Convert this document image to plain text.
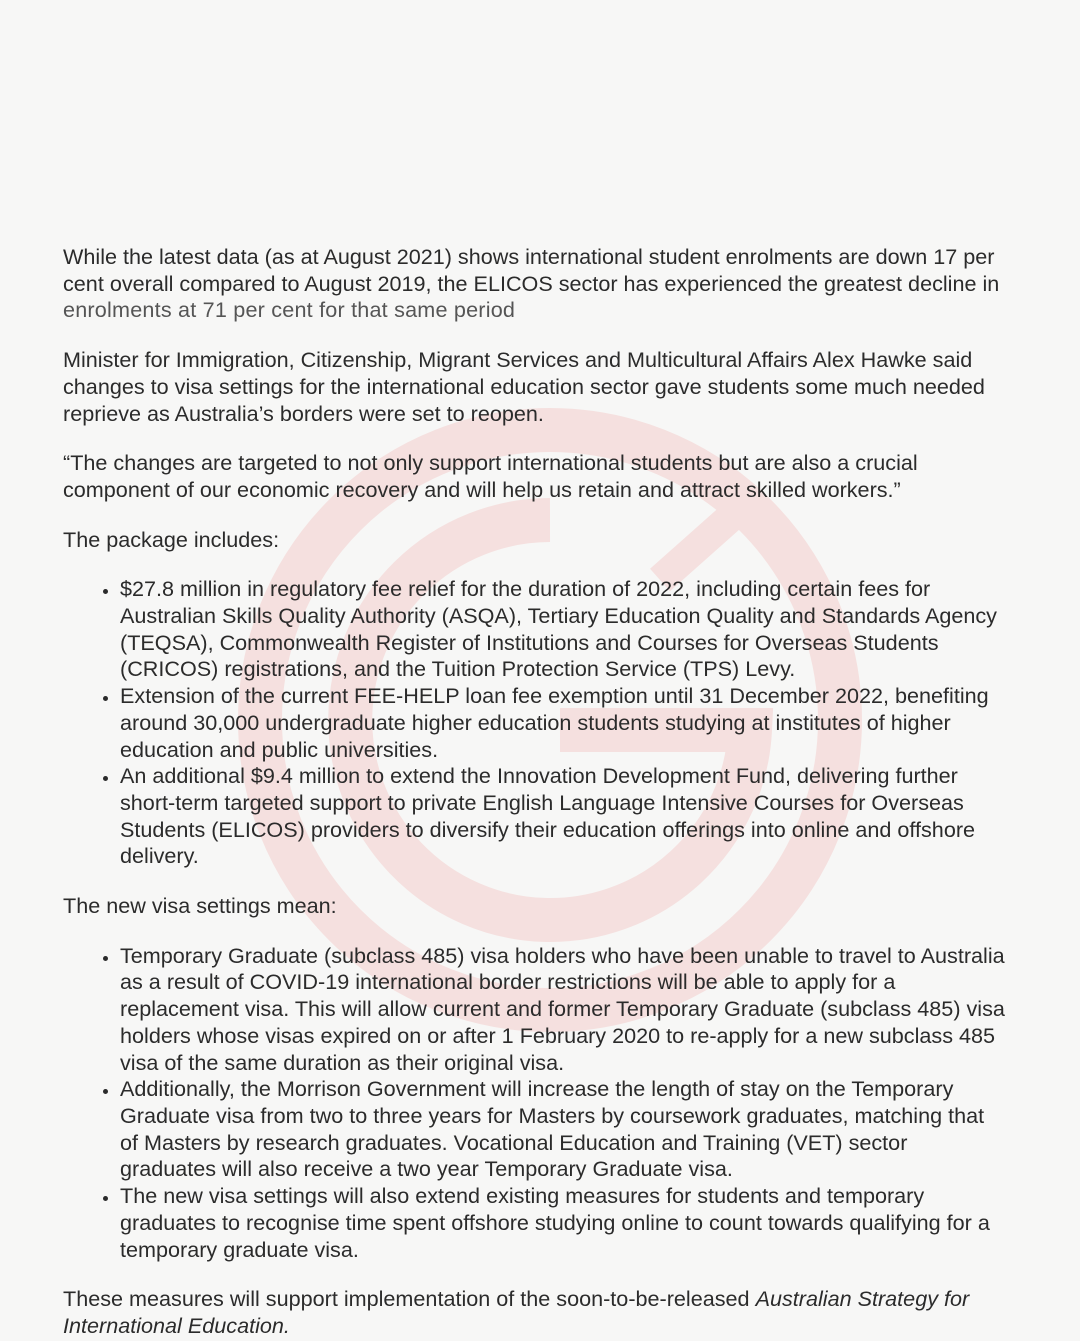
While the latest data (as at August 2021) shows international student enrolments are down 17 per cent overall compared to August 2019, the ELICOS sector has experienced the greatest decline in enrolments at 71 per cent for that same period

Minister for Immigration, Citizenship, Migrant Services and Multicultural Affairs Alex Hawke said changes to visa settings for the international education sector gave students some much needed reprieve as Australia’s borders were set to reopen.

“The changes are targeted to not only support international students but are also a crucial component of our economic recovery and will help us retain and attract skilled workers.”

The package includes:

• $27.8 million in regulatory fee relief for the duration of 2022, including certain fees for Australian Skills Quality Authority (ASQA), Tertiary Education Quality and Standards Agency (TEQSA), Commonwealth Register of Institutions and Courses for Overseas Students (CRICOS) registrations, and the Tuition Protection Service (TPS) Levy.
• Extension of the current FEE-HELP loan fee exemption until 31 December 2022, benefiting around 30,000 undergraduate higher education students studying at institutes of higher education and public universities.
• An additional $9.4 million to extend the Innovation Development Fund, delivering further short-term targeted support to private English Language Intensive Courses for Overseas Students (ELICOS) providers to diversify their education offerings into online and offshore delivery.

The new visa settings mean:

• Temporary Graduate (subclass 485) visa holders who have been unable to travel to Australia as a result of COVID-19 international border restrictions will be able to apply for a replacement visa. This will allow current and former Temporary Graduate (subclass 485) visa holders whose visas expired on or after 1 February 2020 to re-apply for a new subclass 485 visa of the same duration as their original visa.
• Additionally, the Morrison Government will increase the length of stay on the Temporary Graduate visa from two to three years for Masters by coursework graduates, matching that of Masters by research graduates. Vocational Education and Training (VET) sector graduates will also receive a two year Temporary Graduate visa.
• The new visa settings will also extend existing measures for students and temporary graduates to recognise time spent offshore studying online to count towards qualifying for a temporary graduate visa.

These measures will support implementation of the soon-to-be-released Australian Strategy for International Education.
